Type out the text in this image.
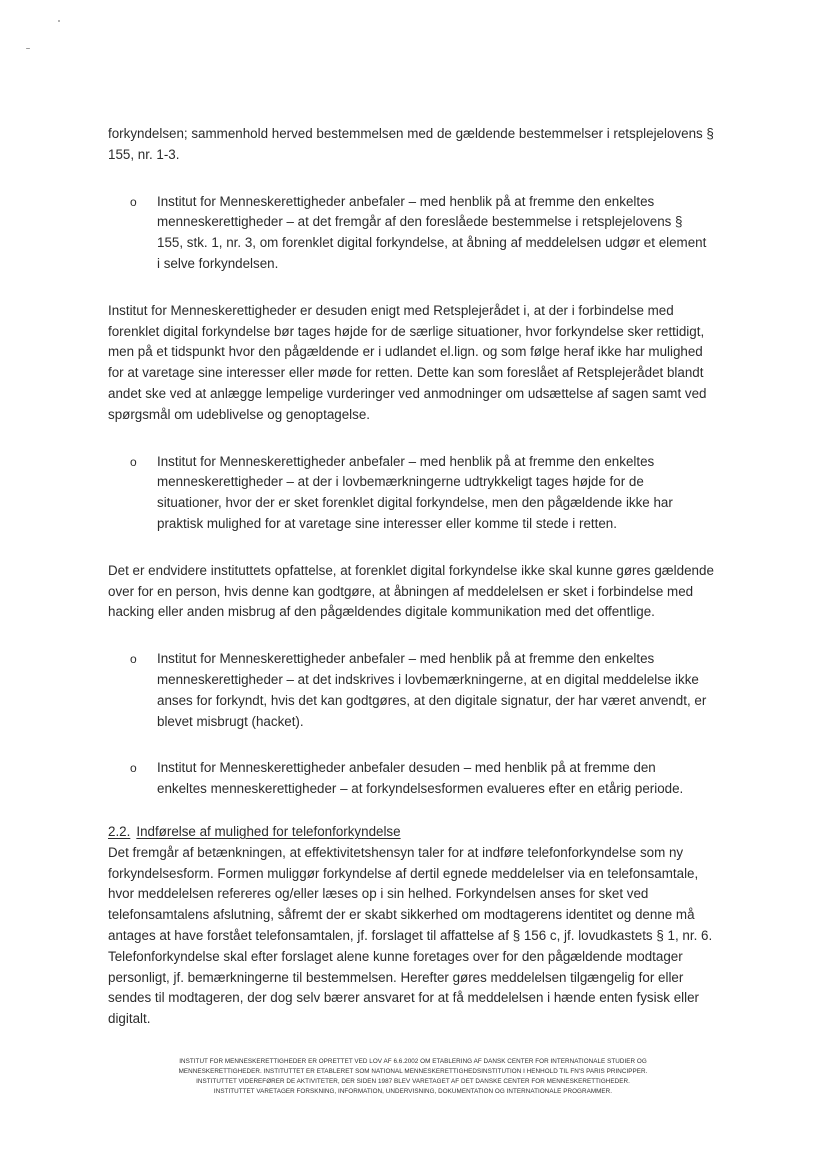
forkyndelsen; sammenhold herved bestemmelsen med de gældende bestemmelser i retsplejelovens § 155, nr. 1-3.

o Institut for Menneskerettigheder anbefaler – med henblik på at fremme den enkeltes menneskerettigheder – at det fremgår af den foreslåede bestemmelse i retsplejelovens § 155, stk. 1, nr. 3, om forenklet digital forkyndelse, at åbning af meddelelsen udgør et element i selve forkyndelsen.

Institut for Menneskerettigheder er desuden enigt med Retsplejerådet i, at der i forbindelse med forenklet digital forkyndelse bør tages højde for de særlige situationer, hvor forkyndelse sker rettidigt, men på et tidspunkt hvor den pågældende er i udlandet el.lign. og som følge heraf ikke har mulighed for at varetage sine interesser eller møde for retten. Dette kan som foreslået af Retsplejerådet blandt andet ske ved at anlægge lempelige vurderinger ved anmodninger om udsættelse af sagen samt ved spørgsmål om udeblivelse og genoptagelse.

o Institut for Menneskerettigheder anbefaler – med henblik på at fremme den enkeltes menneskerettigheder – at der i lovbemærkningerne udtrykkeligt tages højde for de situationer, hvor der er sket forenklet digital forkyndelse, men den pågældende ikke har praktisk mulighed for at varetage sine interesser eller komme til stede i retten.

Det er endvidere instituttets opfattelse, at forenklet digital forkyndelse ikke skal kunne gøres gældende over for en person, hvis denne kan godtgøre, at åbningen af meddelelsen er sket i forbindelse med hacking eller anden misbrug af den pågældendes digitale kommunikation med det offentlige.

o Institut for Menneskerettigheder anbefaler – med henblik på at fremme den enkeltes menneskerettigheder – at det indskrives i lovbemærkningerne, at en digital meddelelse ikke anses for forkyndt, hvis det kan godtgøres, at den digitale signatur, der har været anvendt, er blevet misbrugt (hacket).

o Institut for Menneskerettigheder anbefaler desuden – med henblik på at fremme den enkeltes menneskerettigheder – at forkyndelsesformen evalueres efter en etårig periode.

2.2. Indførelse af mulighed for telefonforkyndelse

Det fremgår af betænkningen, at effektivitetshensyn taler for at indføre telefonforkyndelse som ny forkyndelsesform. Formen muliggør forkyndelse af dertil egnede meddelelser via en telefonsamtale, hvor meddelelsen refereres og/eller læses op i sin helhed. Forkyndelsen anses for sket ved telefonsamtalens afslutning, såfremt der er skabt sikkerhed om modtagerens identitet og denne må antages at have forstået telefonsamtalen, jf. forslaget til affattelse af § 156 c, jf. lovudkastets § 1, nr. 6. Telefonforkyndelse skal efter forslaget alene kunne foretages over for den pågældende modtager personligt, jf. bemærkningerne til bestemmelsen. Herefter gøres meddelelsen tilgængelig for eller sendes til modtageren, der dog selv bærer ansvaret for at få meddelelsen i hænde enten fysisk eller digitalt.

INSTITUT FOR MENNESKERETTIGHEDER ER OPRETTET VED LOV AF 6.6.2002 OM ETABLERING AF DANSK CENTER FOR INTERNATIONALE STUDIER OG

MENNESKERETTIGHEDER. INSTITUTTET ER ETABLERET SOM NATIONAL MENNESKERETTIGHEDSINSTITUTION I HENHOLD TIL FN'S PARIS PRINCIPPER.

INSTITUTTET VIDEREFØRER DE AKTIVITETER, DER SIDEN 1987 BLEV VARETAGET AF DET DANSKE CENTER FOR MENNESKERETTIGHEDER.

INSTITUTTET VARETAGER FORSKNING, INFORMATION, UNDERVISNING, DOKUMENTATION OG INTERNATIONALE PROGRAMMER.
